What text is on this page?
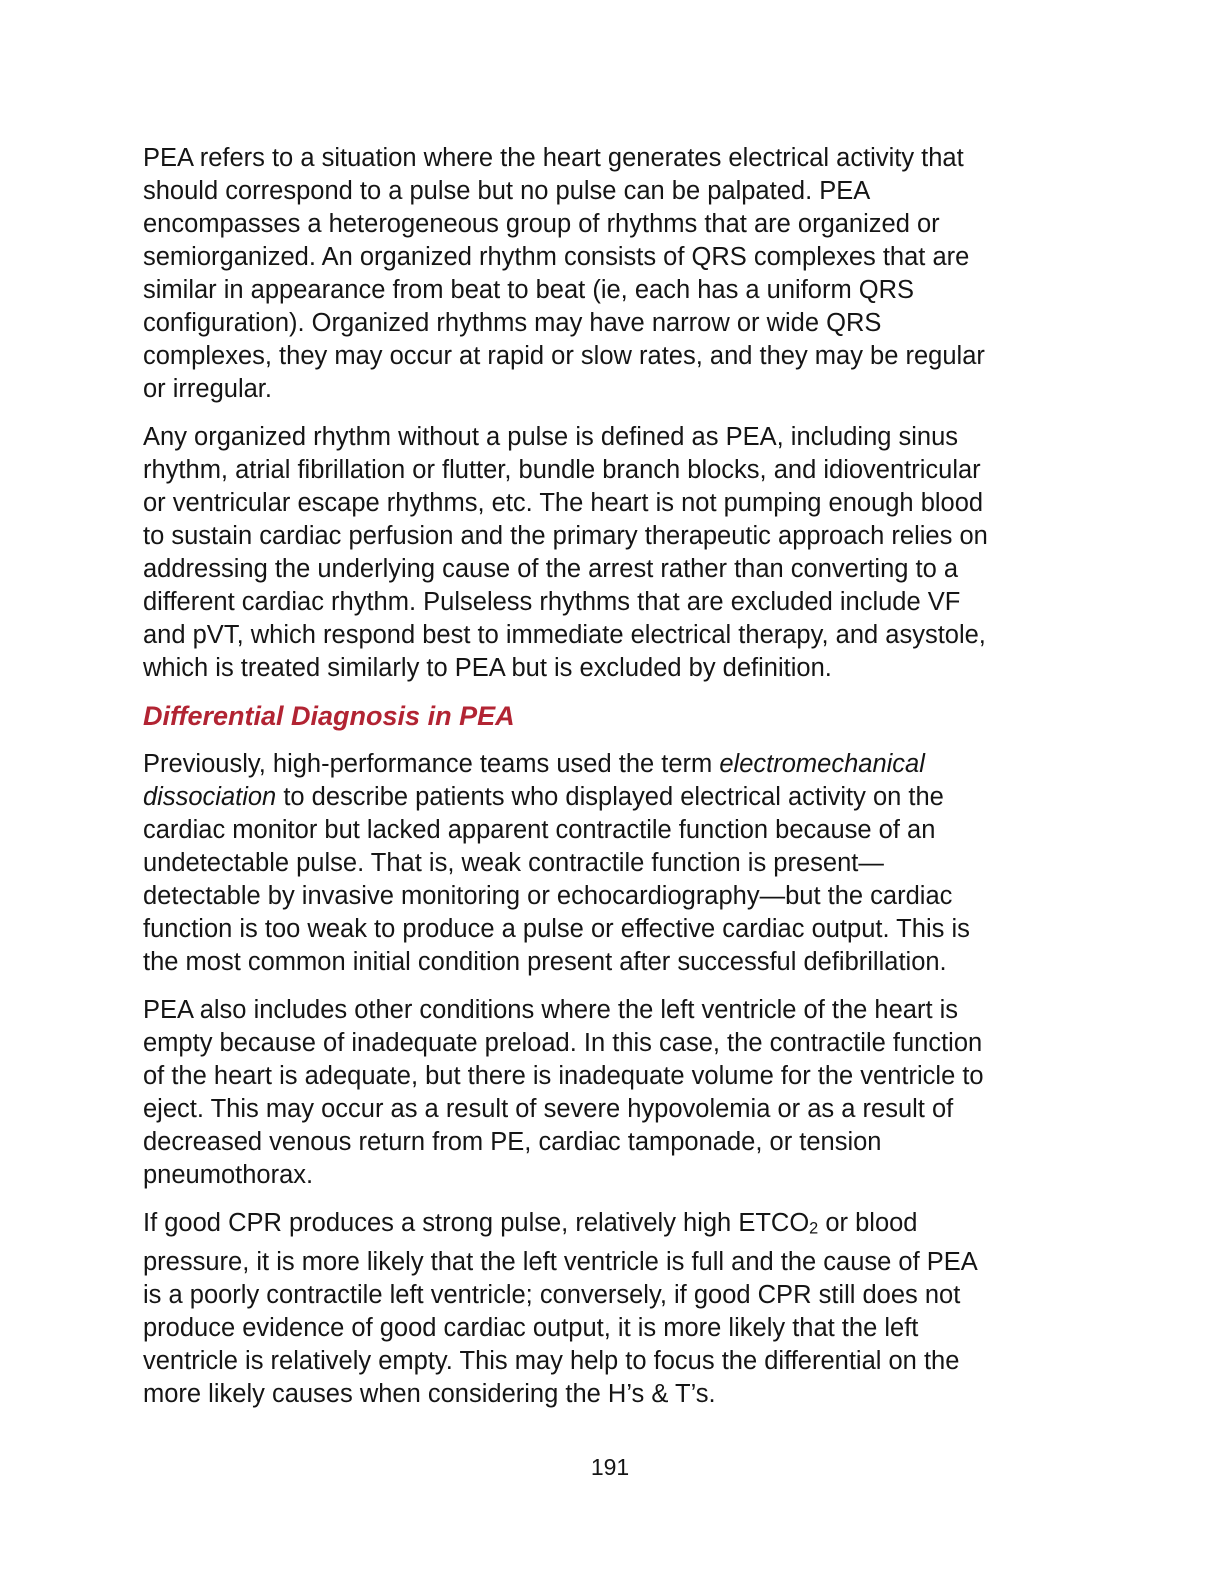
PEA refers to a situation where the heart generates electrical activity that
should correspond to a pulse but no pulse can be palpated. PEA
encompasses a heterogeneous group of rhythms that are organized or
semiorganized. An organized rhythm consists of QRS complexes that are
similar in appearance from beat to beat (ie, each has a uniform QRS
configuration). Organized rhythms may have narrow or wide QRS
complexes, they may occur at rapid or slow rates, and they may be regular
or irregular.

Any organized rhythm without a pulse is defined as PEA, including sinus
rhythm, atrial fibrillation or flutter, bundle branch blocks, and idioventricular
or ventricular escape rhythms, etc. The heart is not pumping enough blood
to sustain cardiac perfusion and the primary therapeutic approach relies on
addressing the underlying cause of the arrest rather than converting to a
different cardiac rhythm. Pulseless rhythms that are excluded include VF
and pVT, which respond best to immediate electrical therapy, and asystole,
which is treated similarly to PEA but is excluded by definition.

Differential Diagnosis in PEA

Previously, high-performance teams used the term electromechanical
dissociation to describe patients who displayed electrical activity on the
cardiac monitor but lacked apparent contractile function because of an
undetectable pulse. That is, weak contractile function is present—
detectable by invasive monitoring or echocardiography—but the cardiac
function is too weak to produce a pulse or effective cardiac output. This is
the most common initial condition present after successful defibrillation.

PEA also includes other conditions where the left ventricle of the heart is
empty because of inadequate preload. In this case, the contractile function
of the heart is adequate, but there is inadequate volume for the ventricle to
eject. This may occur as a result of severe hypovolemia or as a result of
decreased venous return from PE, cardiac tamponade, or tension
pneumothorax.

If good CPR produces a strong pulse, relatively high ETCO2 or blood
pressure, it is more likely that the left ventricle is full and the cause of PEA
is a poorly contractile left ventricle; conversely, if good CPR still does not
produce evidence of good cardiac output, it is more likely that the left
ventricle is relatively empty. This may help to focus the differential on the
more likely causes when considering the H’s & T’s.

191
